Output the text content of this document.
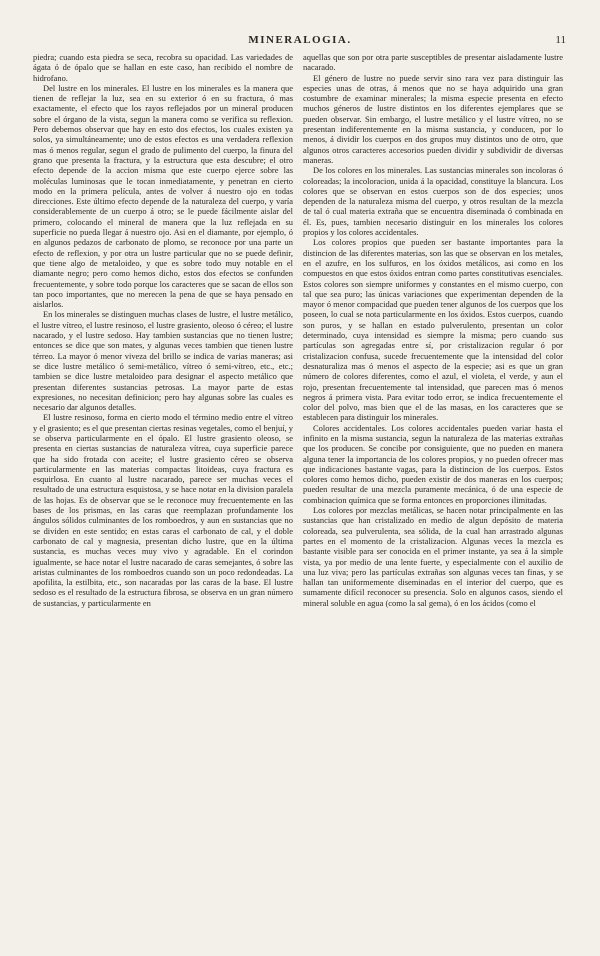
MINERALOGIA.	11

piedra; cuando esta piedra se seca, recobra su opacidad. Las variedades de ágata ó de ópalo que se hallan en este caso, han recibido el nombre de hidrofano.

Del lustre en los minerales. El lustre en los minerales es la manera que tienen de reflejar la luz, sea en su exterior ó en su fractura, ó mas exactamente, el efecto que los rayos reflejados por un mineral producen sobre el órgano de la vista, segun la manera como se verifica su reflexion. Pero debemos observar que hay en esto dos efectos, los cuales existen ya solos, ya simultáneamente; uno de estos efectos es una verdadera reflexion mas ó menos regular, segun el grado de pulimento del cuerpo, la finura del grano que presenta la fractura, y la estructura que esta descubre; el otro efecto depende de la accion misma que este cuerpo ejerce sobre las moléculas luminosas que le tocan inmediatamente, y penetran en cierto modo en la primera película, antes de volver á nuestro ojo en todas direcciones. Este último efecto depende de la naturaleza del cuerpo, y varía considerablemente de un cuerpo á otro; se le puede fácilmente aislar del primero, colocando el mineral de manera que la luz reflejada en su superficie no pueda llegar á nuestro ojo. Asi en el diamante, por ejemplo, ó en algunos pedazos de carbonato de plomo, se reconoce por una parte un efecto de reflexion, y por otra un lustre particular que no se puede definir, que tiene algo de metaloideo, y que es sobre todo muy notable en el diamante negro; pero como hemos dicho, estos dos efectos se confunden frecuentemente, y sobre todo porque los caracteres que se sacan de ellos son tan poco importantes, que no merecen la pena de que se haya pensado en aislarlos.

En los minerales se distinguen muchas clases de lustre, el lustre metálico, el lustre vítreo, el lustre resinoso, el lustre grasiento, oleoso ó céreo; el lustre nacarado, y el lustre sedoso. Hay tambien sustancias que no tienen lustre; entonces se dice que son mates, y algunas veces tambien que tienen lustre térreo. La mayor ó menor viveza del brillo se indica de varias maneras; asi se dice lustre metálico ó semi-metálico, vítreo ó semi-vítreo, etc., etc.; tambien se dice lustre metaloideo para designar el aspecto metálico que presentan diferentes sustancias petrosas. La mayor parte de estas expresiones, no necesitan definicion; pero hay algunas sobre las cuales es necesario dar algunos detalles.

El lustre resinoso, forma en cierto modo el término medio entre el vítreo y el grasiento; es el que presentan ciertas resinas vegetales, como el benjuí, y se observa particularmente en el ópalo. El lustre grasiento oleoso, se presenta en ciertas sustancias de naturaleza vítrea, cuya superficie parece que ha sido frotada con aceite; el lustre grasiento céreo se observa particularmente en las materias compactas litoideas, cuya fractura es esquirlosa. En cuanto al lustre nacarado, parece ser muchas veces el resultado de una estructura esquistosa, y se hace notar en la division paralela de las hojas. Es de observar que se le reconoce muy frecuentemente en las bases de los prismas, en las caras que reemplazan profundamente los ángulos sólidos culminantes de los romboedros, y aun en sustancias que no se dividen en este sentido; en estas caras el carbonato de cal, y el doble carbonato de cal y magnesia, presentan dicho lustre, que en la última sustancia, es muchas veces muy vivo y agradable. En el corindon igualmente, se hace notar el lustre nacarado de caras semejantes, ó sobre las aristas culminantes de los romboedros cuando son un poco redondeadas. La apofilita, la estilbita, etc., son nacaradas por las caras de la base. El lustre sedoso es el resultado de la estructura fibrosa, se observa en un gran número de sustancias, y particularmente en

aquellas que son por otra parte susceptibles de presentar aisladamente lustre nacarado.

El género de lustre no puede servir sino rara vez para distinguir las especies unas de otras, á menos que no se haya adquirido una gran costumbre de examinar minerales; la misma especie presenta en efecto muchos géneros de lustre distintos en los diferentes ejemplares que se pueden observar. Sin embargo, el lustre metálico y el lustre vítreo, no se presentan indiferentemente en la misma sustancia, y conducen, por lo menos, á dividir los cuerpos en dos grupos muy distintos uno de otro, que algunos otros caracteres accesorios pueden dividir y subdividir de diversas maneras.

De los colores en los minerales. Las sustancias minerales son incoloras ó coloreadas; la incoloracion, unida á la opacidad, constituye la blancura. Los colores que se observan en estos cuerpos son de dos especies; unos dependen de la naturaleza misma del cuerpo, y otros resultan de la mezcla de tal ó cual materia extraña que se encuentra diseminada ó combinada en él. Es, pues, tambien necesario distinguir en los minerales los colores propios y los colores accidentales.

Los colores propios que pueden ser bastante importantes para la distincion de las diferentes materias, son las que se observan en los metales, en el azufre, en los sulfuros, en los óxidos metálicos, asi como en los compuestos en que estos óxidos entran como partes constitutivas esenciales. Estos colores son siempre uniformes y constantes en el mismo cuerpo, con tal que sea puro; las únicas variaciones que experimentan dependen de la mayor ó menor compacidad que pueden tener algunos de los cuerpos que los poseen, lo cual se nota particularmente en los óxidos. Estos cuerpos, cuando son puros, y se hallan en estado pulverulento, presentan un color determinado, cuya intensidad es siempre la misma; pero cuando sus partículas son agregadas entre sí, por cristalizacion regular ó por cristalizacion confusa, sucede frecuentemente que la intensidad del color desnaturaliza mas ó menos el aspecto de la especie; asi es que un gran número de colores diferentes, como el azul, el violeta, el verde, y aun el rojo, presentan frecuentemente tal intensidad, que parecen mas ó menos negros á primera vista. Para evitar todo error, se indica frecuentemente el color del polvo, mas bien que el de las masas, en los caracteres que se establecen para distinguir los minerales.

Colores accidentales. Los colores accidentales pueden variar hasta el infinito en la misma sustancia, segun la naturaleza de las materias extrañas que los producen. Se concibe por consiguiente, que no pueden en manera alguna tener la importancia de los colores propios, y no pueden ofrecer mas que indicaciones bastante vagas, para la distincion de los cuerpos. Estos colores como hemos dicho, pueden existir de dos maneras en los cuerpos; pueden resultar de una mezcla puramente mecánica, ó de una especie de combinacion química que se forma entonces en proporciones ilimitadas.

Los colores por mezclas metálicas, se hacen notar principalmente en las sustancias que han cristalizado en medio de algun depósito de materia coloreada, sea pulverulenta, sea sólida, de la cual han arrastrado algunas partes en el momento de la cristalizacion. Algunas veces la mezcla es bastante visible para ser conocida en el primer instante, ya sea á la simple vista, ya por medio de una lente fuerte, y especialmente con el auxilio de una luz viva; pero las partículas extrañas son algunas veces tan finas, y se hallan tan uniformemente diseminadas en el interior del cuerpo, que es sumamente difícil reconocer su presencia. Solo en algunos casos, siendo el mineral soluble en agua (como la sal gema), ó en los ácidos (como el
